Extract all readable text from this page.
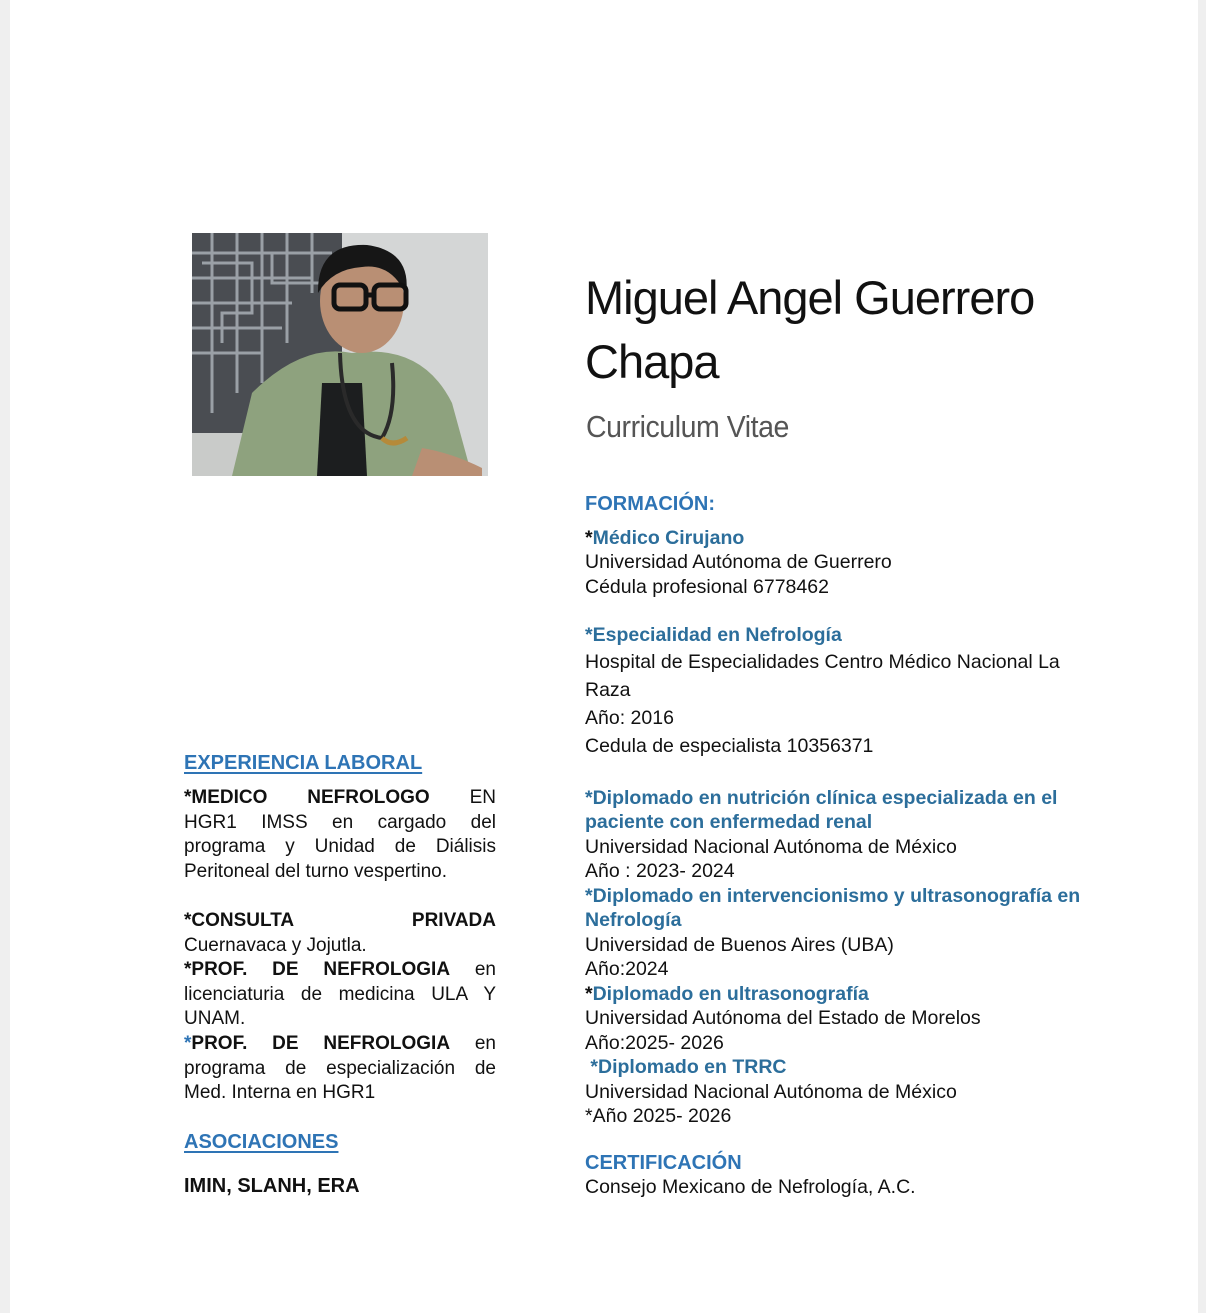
Miguel Angel Guerrero
Chapa
Curriculum Vitae
EXPERIENCIA LABORAL
*MEDICO NEFROLOGO EN
HGR1 IMSS en cargado del
programa y Unidad de Diálisis
Peritoneal del turno vespertino.
*CONSULTA	PRIVADA
Cuernavaca y Jojutla.
*PROF. DE NEFROLOGIA en
licenciaturia de medicina ULA Y
UNAM.
*PROF. DE NEFROLOGIA en
programa de especialización de
Med. Interna en HGR1
ASOCIACIONES
IMIN, SLANH, ERA
FORMACIÓN:
*Médico Cirujano
Universidad Autónoma de Guerrero
Cédula profesional 6778462
*Especialidad en Nefrología
Hospital de Especialidades Centro Médico Nacional La
Raza
Año: 2016
Cedula de especialista 10356371
*Diplomado en nutrición clínica especializada en el
paciente con enfermedad renal
Universidad Nacional Autónoma de México
Año : 2023- 2024
*Diplomado en intervencionismo y ultrasonografía en
Nefrología
Universidad de Buenos Aires (UBA)
Año:2024
*Diplomado en ultrasonografía
Universidad Autónoma del Estado de Morelos
Año:2025- 2026
*Diplomado en TRRC
Universidad Nacional Autónoma de México
*Año 2025- 2026
CERTIFICACIÓN
Consejo Mexicano de Nefrología, A.C.
